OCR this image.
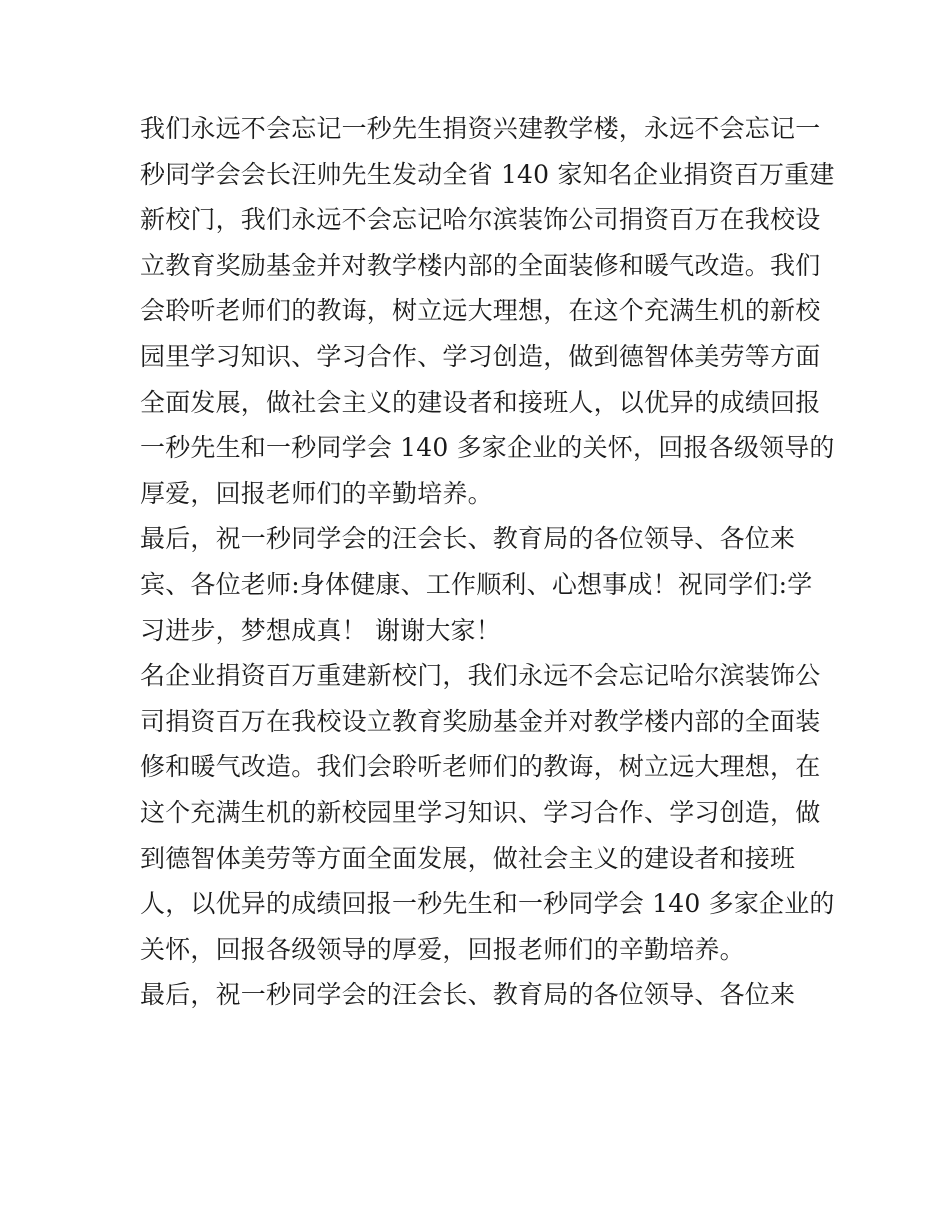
我们永远不会忘记一秒先生捐资兴建教学楼，永远不会忘记一
秒同学会会长汪帅先生发动全省 140 家知名企业捐资百万重建
新校门，我们永远不会忘记哈尔滨装饰公司捐资百万在我校设
立教育奖励基金并对教学楼内部的全面装修和暖气改造。我们
会聆听老师们的教诲，树立远大理想，在这个充满生机的新校
园里学习知识、学习合作、学习创造，做到德智体美劳等方面
全面发展，做社会主义的建设者和接班人，以优异的成绩回报
一秒先生和一秒同学会 140 多家企业的关怀，回报各级领导的
厚爱，回报老师们的辛勤培养。
最后，祝一秒同学会的汪会长、教育局的各位领导、各位来
宾、各位老师:身体健康、工作顺利、心想事成！祝同学们:学
习进步，梦想成真！ 谢谢大家！
名企业捐资百万重建新校门，我们永远不会忘记哈尔滨装饰公
司捐资百万在我校设立教育奖励基金并对教学楼内部的全面装
修和暖气改造。我们会聆听老师们的教诲，树立远大理想，在
这个充满生机的新校园里学习知识、学习合作、学习创造，做
到德智体美劳等方面全面发展，做社会主义的建设者和接班
人，以优异的成绩回报一秒先生和一秒同学会 140 多家企业的
关怀，回报各级领导的厚爱，回报老师们的辛勤培养。
最后，祝一秒同学会的汪会长、教育局的各位领导、各位来
